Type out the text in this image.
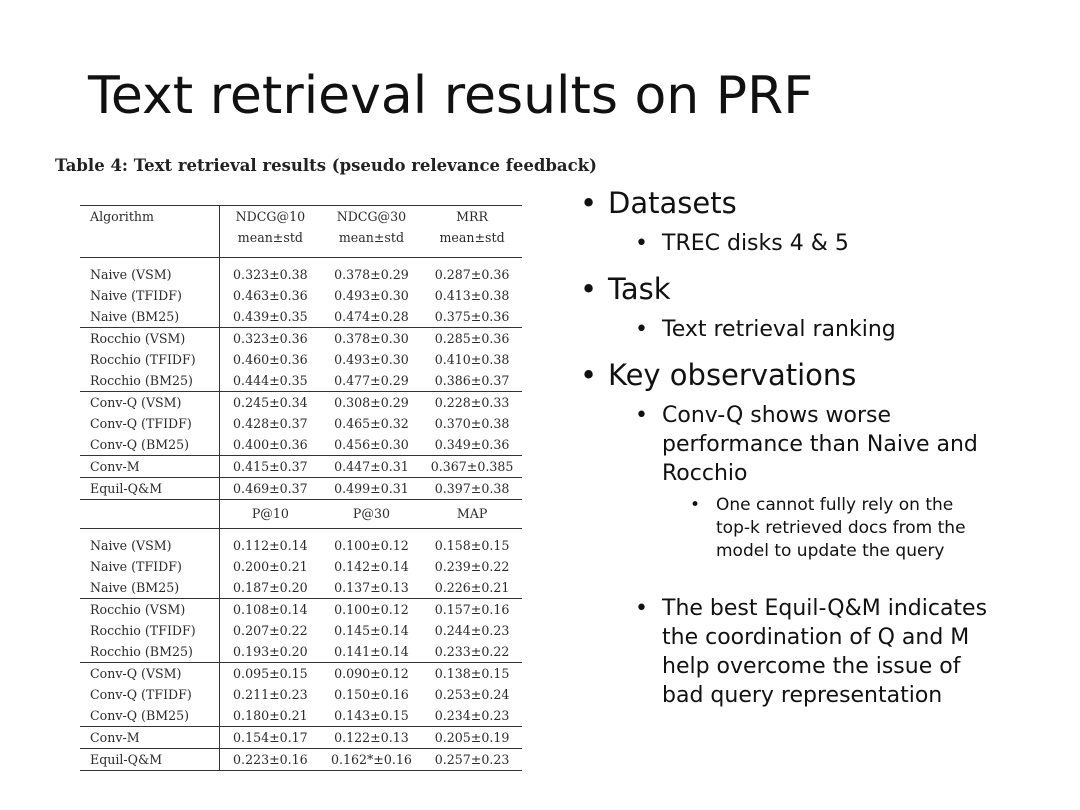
Text retrieval results on PRF
Table 4: Text retrieval results (pseudo relevance feedback)
Algorithm	NDCG@10	NDCG@30	MRR
	mean±std	mean±std	mean±std
Naive (VSM)	0.323±0.38	0.378±0.29	0.287±0.36
Naive (TFIDF)	0.463±0.36	0.493±0.30	0.413±0.38
Naive (BM25)	0.439±0.35	0.474±0.28	0.375±0.36
Rocchio (VSM)	0.323±0.36	0.378±0.30	0.285±0.36
Rocchio (TFIDF)	0.460±0.36	0.493±0.30	0.410±0.38
Rocchio (BM25)	0.444±0.35	0.477±0.29	0.386±0.37
Conv-Q (VSM)	0.245±0.34	0.308±0.29	0.228±0.33
Conv-Q (TFIDF)	0.428±0.37	0.465±0.32	0.370±0.38
Conv-Q (BM25)	0.400±0.36	0.456±0.30	0.349±0.36
Conv-M	0.415±0.37	0.447±0.31	0.367±0.385
Equil-Q&M	0.469±0.37	0.499±0.31	0.397±0.38
	P@10	P@30	MAP
Naive (VSM)	0.112±0.14	0.100±0.12	0.158±0.15
Naive (TFIDF)	0.200±0.21	0.142±0.14	0.239±0.22
Naive (BM25)	0.187±0.20	0.137±0.13	0.226±0.21
Rocchio (VSM)	0.108±0.14	0.100±0.12	0.157±0.16
Rocchio (TFIDF)	0.207±0.22	0.145±0.14	0.244±0.23
Rocchio (BM25)	0.193±0.20	0.141±0.14	0.233±0.22
Conv-Q (VSM)	0.095±0.15	0.090±0.12	0.138±0.15
Conv-Q (TFIDF)	0.211±0.23	0.150±0.16	0.253±0.24
Conv-Q (BM25)	0.180±0.21	0.143±0.15	0.234±0.23
Conv-M	0.154±0.17	0.122±0.13	0.205±0.19
Equil-Q&M	0.223±0.16	0.162*±0.16	0.257±0.23
• Datasets
• TREC disks 4 & 5
• Task
• Text retrieval ranking
• Key observations
• Conv-Q shows worse performance than Naive and Rocchio
• One cannot fully rely on the top-k retrieved docs from the model to update the query
• The best Equil-Q&M indicates the coordination of Q and M help overcome the issue of bad query representation
